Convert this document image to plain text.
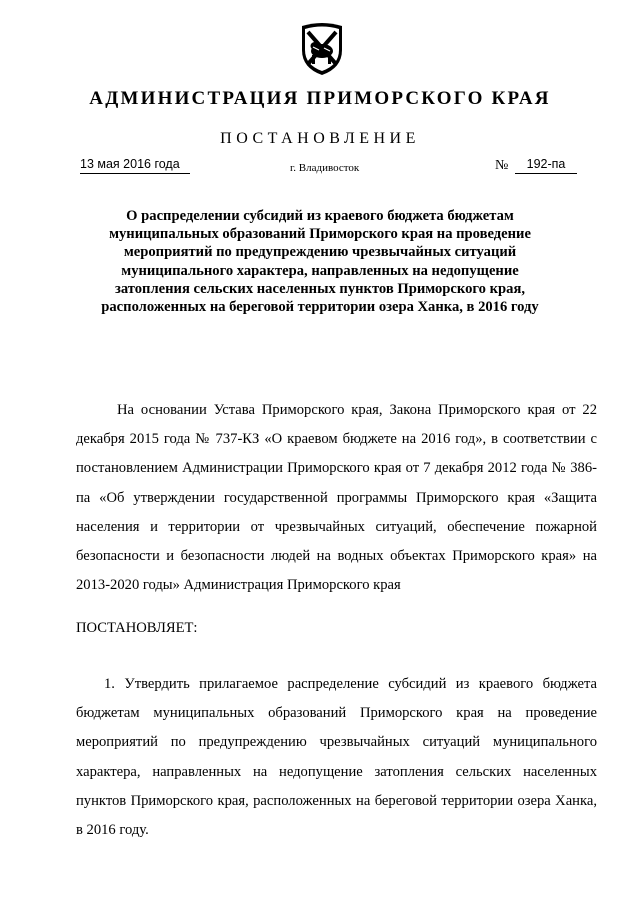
АДМИНИСТРАЦИЯ ПРИМОРСКОГО КРАЯ
ПОСТАНОВЛЕНИЕ
13 мая 2016 года	г. Владивосток	№	192-па
О распределении субсидий из краевого бюджета бюджетам муниципальных образований Приморского края на проведение мероприятий по предупреждению чрезвычайных ситуаций муниципального характера, направленных на недопущение затопления сельских населенных пунктов Приморского края, расположенных на береговой территории озера Ханка, в 2016 году
На основании Устава Приморского края, Закона Приморского края от 22 декабря 2015 года № 737-КЗ «О краевом бюджете на 2016 год», в соответствии с постановлением Администрации Приморского края от 7 декабря 2012 года № 386-па «Об утверждении государственной программы Приморского края «Защита населения и территории от чрезвычайных ситуаций, обеспечение пожарной безопасности и безопасности людей на водных объектах Приморского края» на 2013-2020 годы» Администрация Приморского края
ПОСТАНОВЛЯЕТ:
1. Утвердить прилагаемое распределение субсидий из краевого бюджета бюджетам муниципальных образований Приморского края на проведение мероприятий по предупреждению чрезвычайных ситуаций муниципального характера, направленных на недопущение затопления сельских населенных пунктов Приморского края, расположенных на береговой территории озера Ханка, в 2016 году.
